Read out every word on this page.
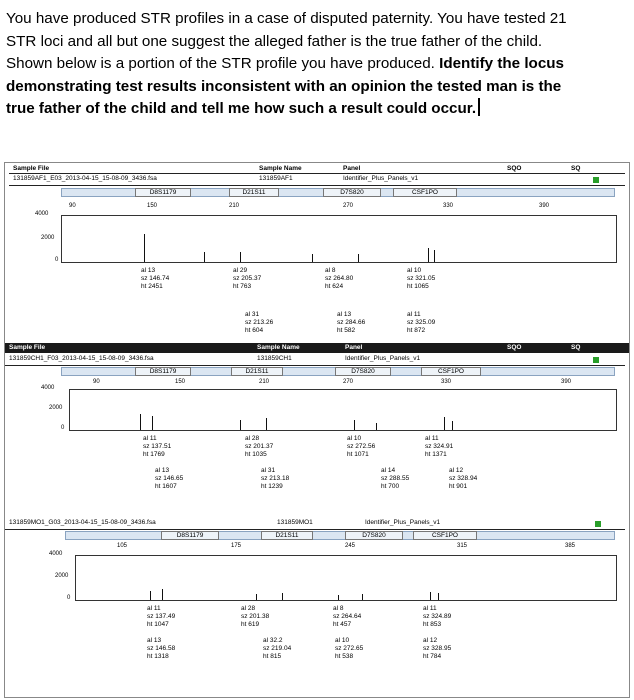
You have produced STR profiles in a case of disputed paternity. You have tested 21
STR loci and all but one suggest the alleged father is the true father of the child.
Shown below is a portion of the STR profile you have produced. Identify the locus
demonstrating test results inconsistent with an opinion the tested man is the
true father of the child and tell me how such a result could occur.
Sample File	Sample Name	Panel	SQO	SQ
131859AF1_E03_2013-04-15_15-08-09_3436.fsa	131859AF1	Identifier_Plus_Panels_v1
D8S1179	D21S11	D7S820	CSF1PO
90	150	210	270	330	390
4000
2000
0
al 13
sz 146.74
ht 2451
al 29
sz 205.37
ht 763
al 8
sz 264.80
ht 624
al 10
sz 321.05
ht 1065
al 31
sz 213.26
ht 604
al 13
sz 284.66
ht 582
al 11
sz 325.09
ht 872
Sample File	Sample Name	Panel	SQO	SQ
131859CH1_F03_2013-04-15_15-08-09_3436.fsa	131859CH1	Identifier_Plus_Panels_v1
D8S1179	D21S11	D7S820	CSF1PO
90	150	210	270	330	390
4000
2000
0
al 11
sz 137.51
ht 1769
al 28
sz 201.37
ht 1035
al 10
sz 272.56
ht 1071
al 11
sz 324.91
ht 1371
al 13
sz 146.65
ht 1607
al 31
sz 213.18
ht 1239
al 14
sz 288.55
ht 700
al 12
sz 328.94
ht 901
131859MO1_G03_2013-04-15_15-08-09_3436.fsa	131859MO1	Identifier_Plus_Panels_v1
D8S1179	D21S11	D7S820	CSF1PO
105	175	245	315	385
4000
2000
0
al 11
sz 137.49
ht 1047
al 28
sz 201.38
ht 619
al 8
sz 264.64
ht 457
al 11
sz 324.89
ht 853
al 13
sz 146.58
ht 1318
al 32.2
sz 219.04
ht 815
al 10
sz 272.65
ht 538
al 12
sz 328.95
ht 784
